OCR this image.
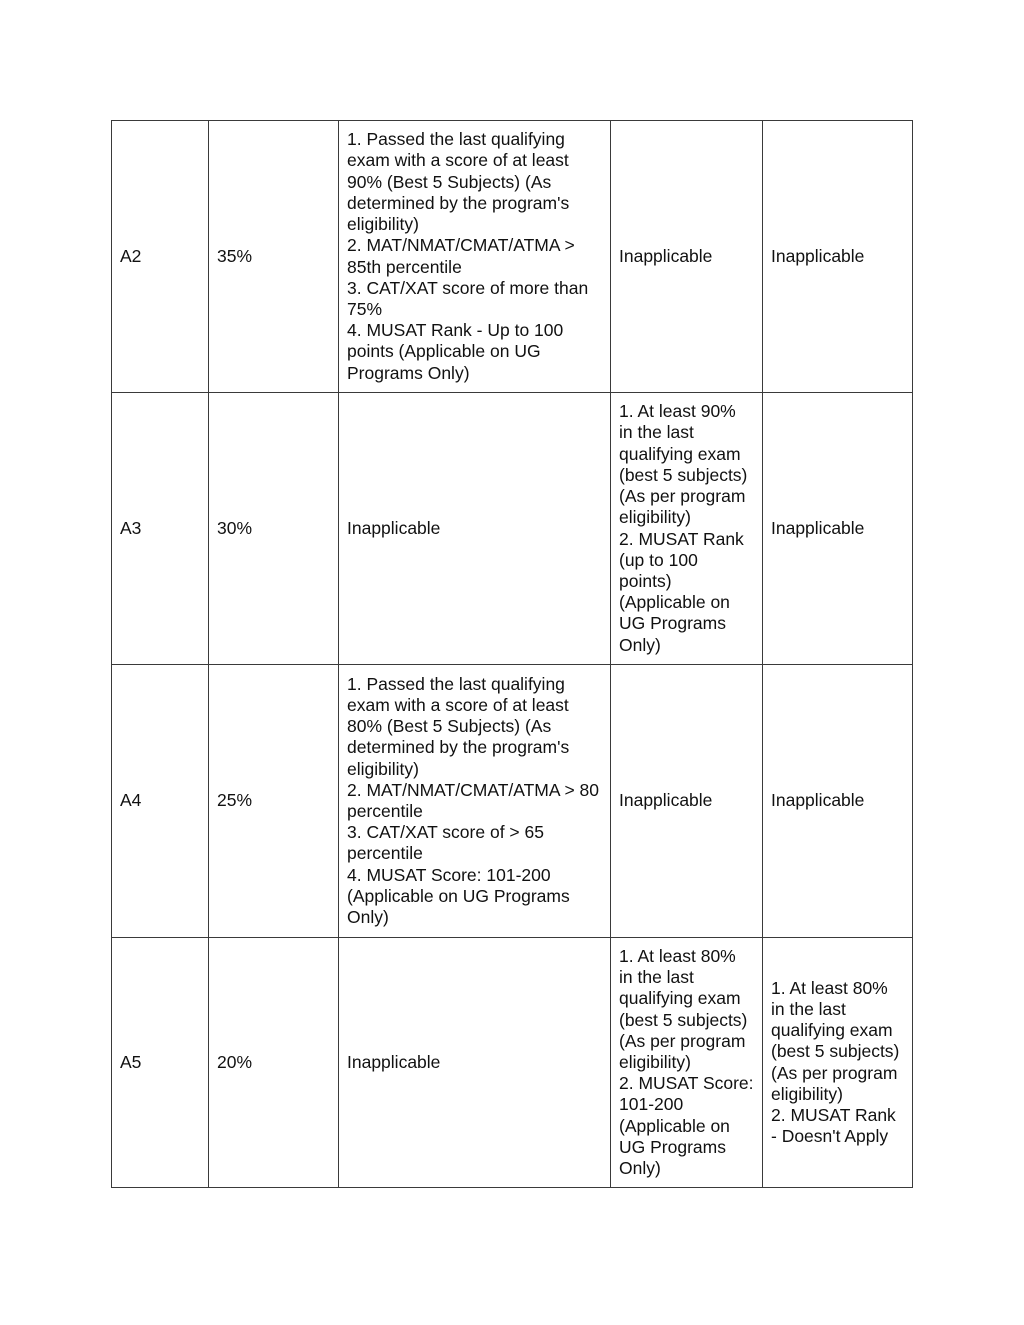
A2	35%	1. Passed the last qualifying exam with a score of at least 90% (Best 5 Subjects) (As determined by the program's eligibility)
2. MAT/NMAT/CMAT/ATMA > 85th percentile
3. CAT/XAT score of more than 75%
4. MUSAT Rank - Up to 100 points (Applicable on UG Programs Only)	Inapplicable	Inapplicable

A3	30%	Inapplicable	1. At least 90% in the last qualifying exam (best 5 subjects) (As per program eligibility)
2. MUSAT Rank (up to 100 points) (Applicable on UG Programs Only)	Inapplicable

A4	25%	1. Passed the last qualifying exam with a score of at least 80% (Best 5 Subjects) (As determined by the program's eligibility)
2. MAT/NMAT/CMAT/ATMA > 80 percentile
3. CAT/XAT score of > 65 percentile
4. MUSAT Score: 101-200 (Applicable on UG Programs Only)	Inapplicable	Inapplicable

A5	20%	Inapplicable	1. At least 80% in the last qualifying exam (best 5 subjects) (As per program eligibility)
2. MUSAT Score: 101-200 (Applicable on UG Programs Only)	1. At least 80% in the last qualifying exam (best 5 subjects) (As per program eligibility)
2. MUSAT Rank - Doesn't Apply
